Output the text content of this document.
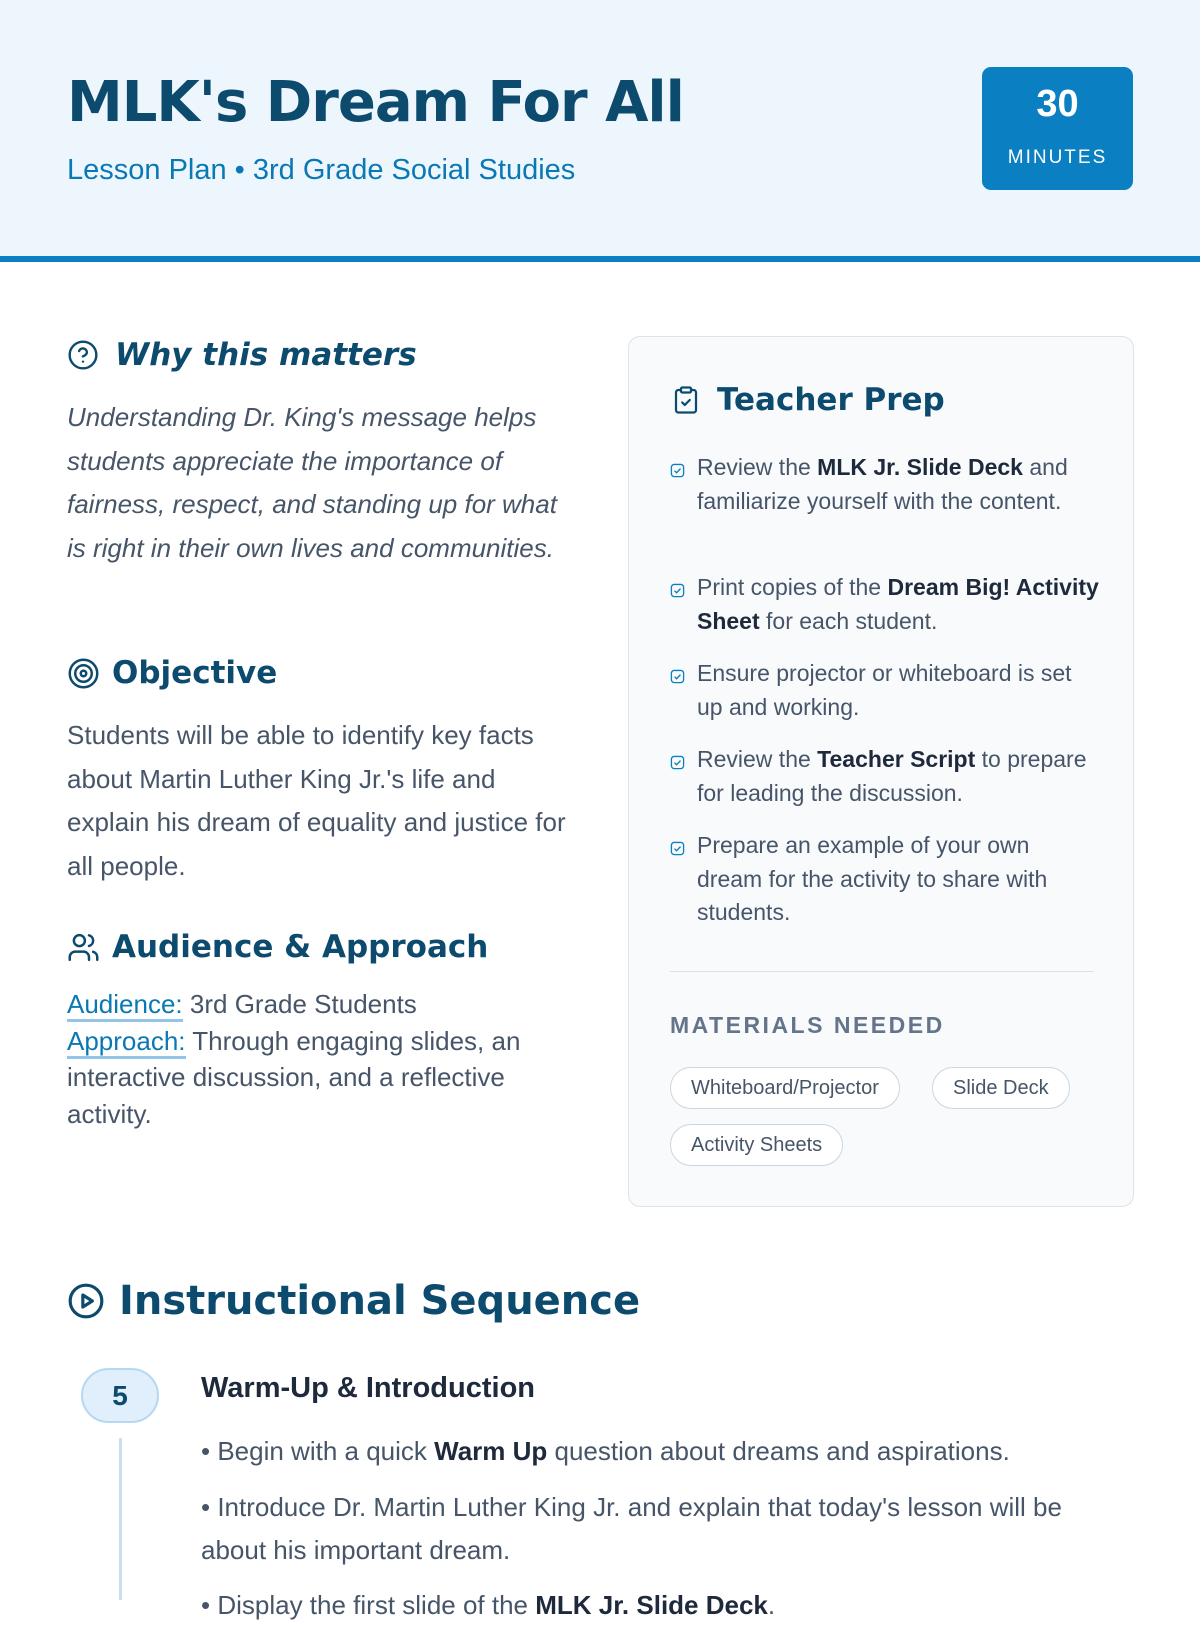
MLK's Dream For All
Lesson Plan • 3rd Grade Social Studies
30
MINUTES
Why this matters
Understanding Dr. King's message helps students appreciate the importance of fairness, respect, and standing up for what is right in their own lives and communities.
Objective
Students will be able to identify key facts about Martin Luther King Jr.'s life and explain his dream of equality and justice for all people.
Audience & Approach
Audience: 3rd Grade Students
Approach: Through engaging slides, an interactive discussion, and a reflective activity.
Teacher Prep
Review the MLK Jr. Slide Deck and familiarize yourself with the content.
Print copies of the Dream Big! Activity Sheet for each student.
Ensure projector or whiteboard is set up and working.
Review the Teacher Script to prepare for leading the discussion.
Prepare an example of your own dream for the activity to share with students.
MATERIALS NEEDED
Whiteboard/Projector	Slide Deck
Activity Sheets
Instructional Sequence
5	Warm-Up & Introduction
• Begin with a quick Warm Up question about dreams and aspirations.
• Introduce Dr. Martin Luther King Jr. and explain that today's lesson will be about his important dream.
• Display the first slide of the MLK Jr. Slide Deck.
